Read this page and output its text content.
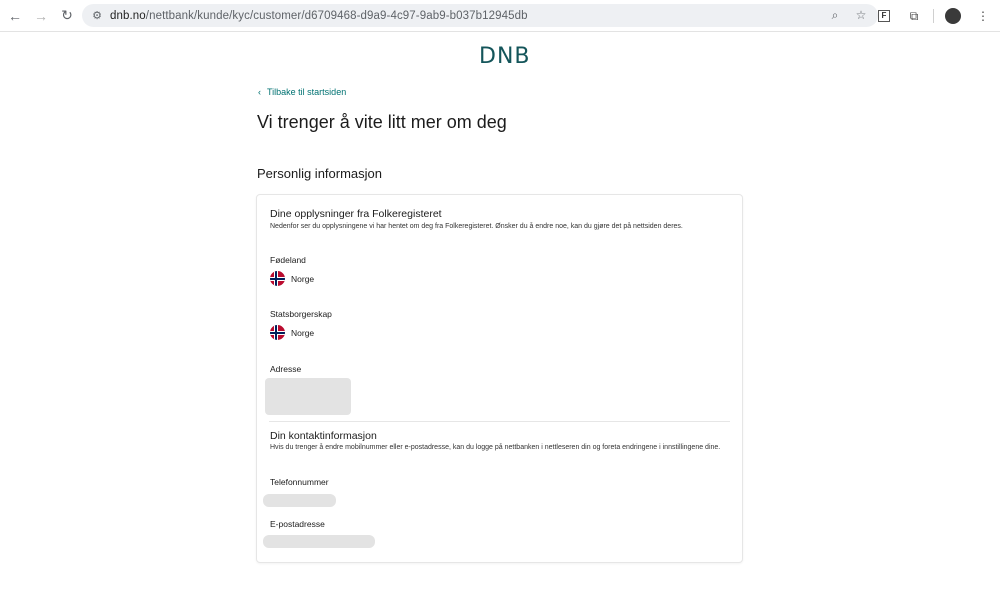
← → ↻	⚙ dnb.no/nettbank/kunde/kyc/customer/d6709468-d9a9-4c97-9ab9-b037b12945db	⌕	☆	F	⧉	⋮
DNB
‹ Tilbake til startsiden
Vi trenger å vite litt mer om deg
Personlig informasjon
Dine opplysninger fra Folkeregisteret
Nedenfor ser du opplysningene vi har hentet om deg fra Folkeregisteret. Ønsker du å endre noe, kan du gjøre det på nettsiden deres.
Fødeland
Norge
Statsborgerskap
Norge
Adresse
Din kontaktinformasjon
Hvis du trenger å endre mobilnummer eller e-postadresse, kan du logge på nettbanken i nettleseren din og foreta endringene i innstillingene dine.
Telefonnummer
E-postadresse
